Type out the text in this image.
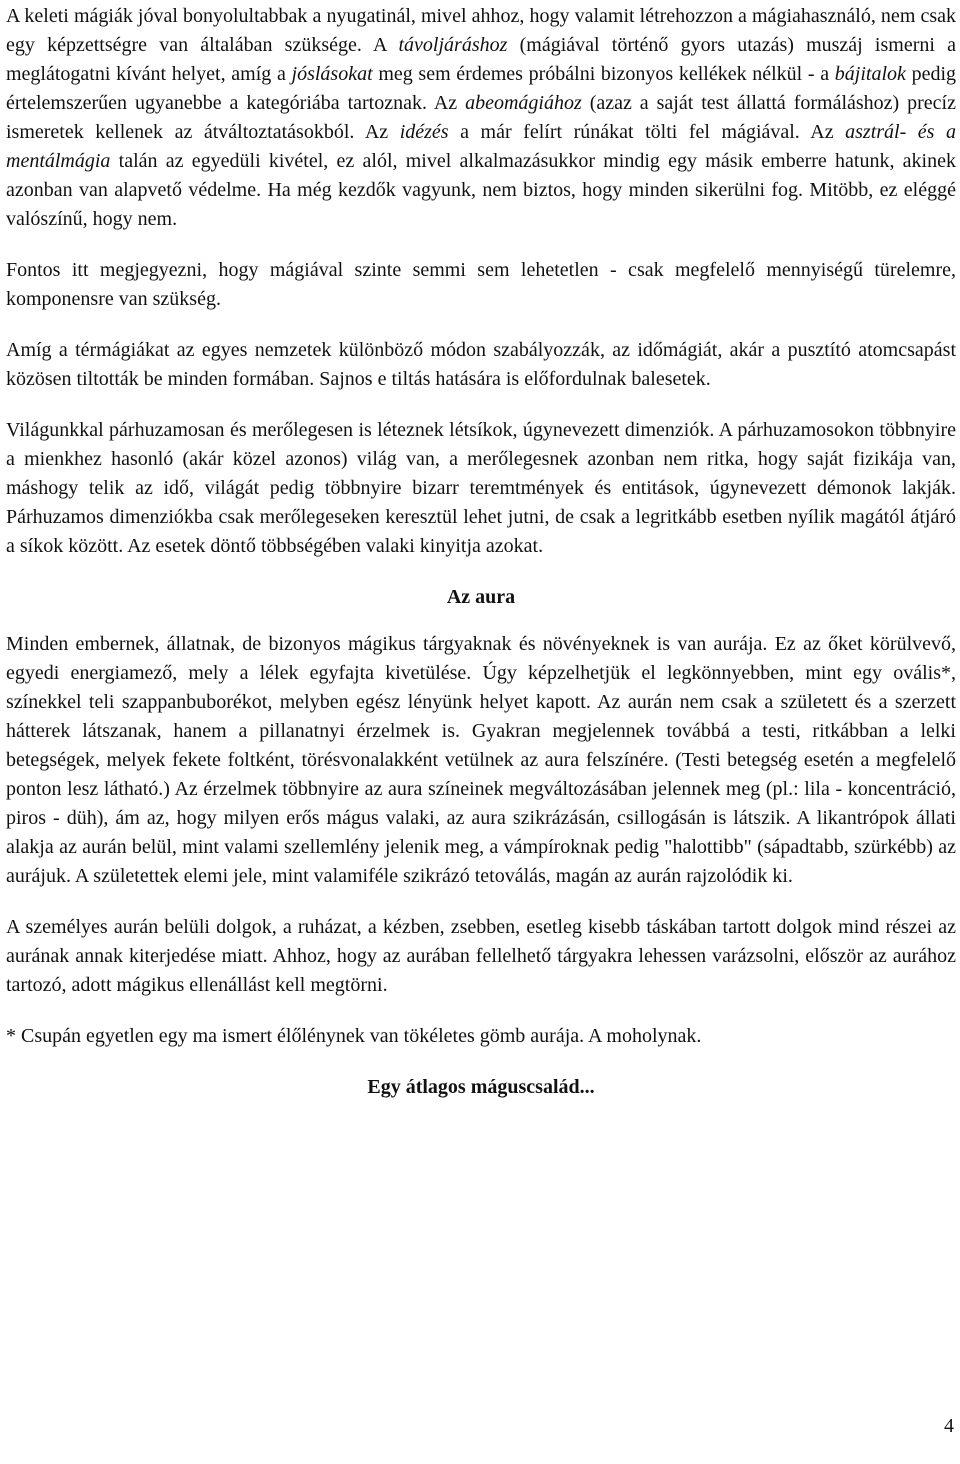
A keleti mágiák jóval bonyolultabbak a nyugatinál, mivel ahhoz, hogy valamit létrehozzon a mágiahasználó, nem csak egy képzettségre van általában szüksége. A távoljáráshoz (mágiával történő gyors utazás) muszáj ismerni a meglátogatni kívánt helyet, amíg a jóslásokat meg sem érdemes próbálni bizonyos kellékek nélkül - a bájitalok pedig értelemszerűen ugyanebbe a kategóriába tartoznak. Az abeomágiához (azaz a saját test állattá formáláshoz) precíz ismeretek kellenek az átváltoztatásokból. Az idézés a már felírt rúnákat tölti fel mágiával. Az asztrál- és a mentálmágia talán az egyedüli kivétel, ez alól, mivel alkalmazásukkor mindig egy másik emberre hatunk, akinek azonban van alapvető védelme. Ha még kezdők vagyunk, nem biztos, hogy minden sikerülni fog. Mitöbb, ez eléggé valószínű, hogy nem.

Fontos itt megjegyezni, hogy mágiával szinte semmi sem lehetetlen - csak megfelelő mennyiségű türelemre, komponensre van szükség.

Amíg a térmágiákat az egyes nemzetek különböző módon szabályozzák, az időmágiát, akár a pusztító atomcsapást közösen tiltották be minden formában. Sajnos e tiltás hatására is előfordulnak balesetek.

Világunkkal párhuzamosan és merőlegesen is léteznek létsíkok, úgynevezett dimenziók. A párhuzamosokon többnyire a mienkhez hasonló (akár közel azonos) világ van, a merőlegesnek azonban nem ritka, hogy saját fizikája van, máshogy telik az idő, világát pedig többnyire bizarr teremtmények és entitások, úgynevezett démonok lakják. Párhuzamos dimenziókba csak merőlegeseken keresztül lehet jutni, de csak a legritkább esetben nyílik magától átjáró a síkok között. Az esetek döntő többségében valaki kinyitja azokat.

Az aura

Minden embernek, állatnak, de bizonyos mágikus tárgyaknak és növényeknek is van aurája. Ez az őket körülvevő, egyedi energiamező, mely a lélek egyfajta kivetülése. Úgy képzelhetjük el legkönnyebben, mint egy ovális*, színekkel teli szappanbuborékot, melyben egész lényünk helyet kapott. Az aurán nem csak a született és a szerzett hátterek látszanak, hanem a pillanatnyi érzelmek is. Gyakran megjelennek továbbá a testi, ritkábban a lelki betegségek, melyek fekete foltként, törésvonalakként vetülnek az aura felszínére. (Testi betegség esetén a megfelelő ponton lesz látható.) Az érzelmek többnyire az aura színeinek megváltozásában jelennek meg (pl.: lila - koncentráció, piros - düh), ám az, hogy milyen erős mágus valaki, az aura szikrázásán, csillogásán is látszik. A likantrópok állati alakja az aurán belül, mint valami szellemlény jelenik meg, a vámpíroknak pedig "halottibb" (sápadtabb, szürkébb) az aurájuk. A születettek elemi jele, mint valamiféle szikrázó tetoválás, magán az aurán rajzolódik ki.

A személyes aurán belüli dolgok, a ruházat, a kézben, zsebben, esetleg kisebb táskában tartott dolgok mind részei az aurának annak kiterjedése miatt. Ahhoz, hogy az aurában fellelhető tárgyakra lehessen varázsolni, először az aurához tartozó, adott mágikus ellenállást kell megtörni.

* Csupán egyetlen egy ma ismert élőlénynek van tökéletes gömb aurája. A moholynak.

Egy átlagos máguscsalád...
4
